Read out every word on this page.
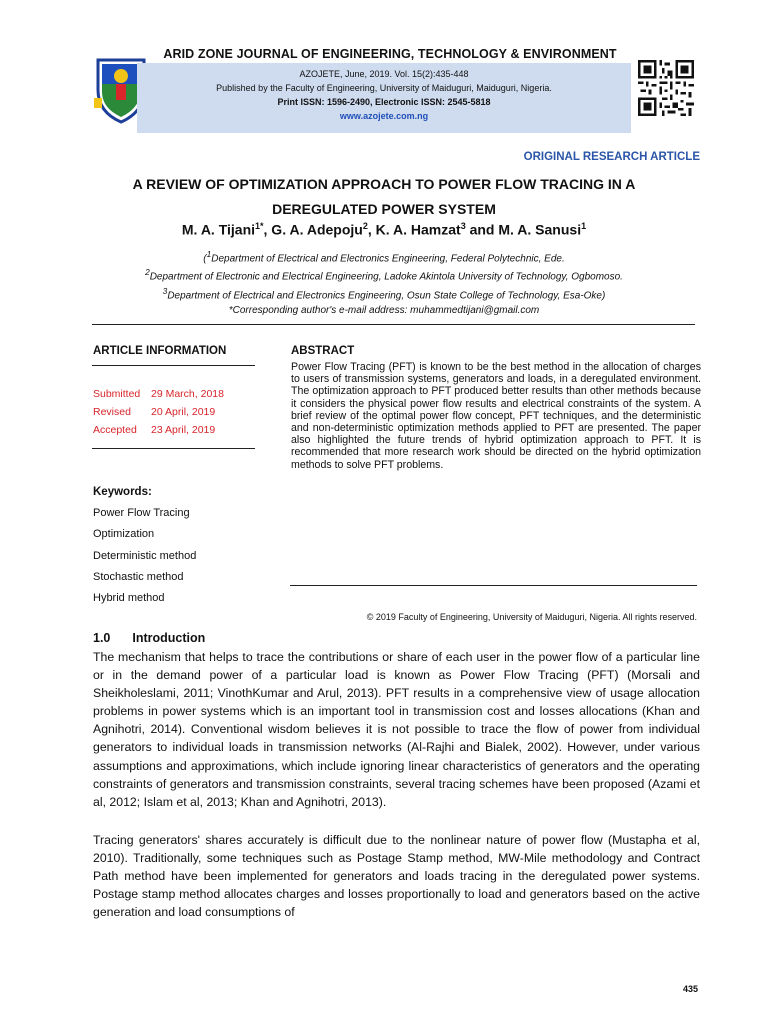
ARID ZONE JOURNAL OF ENGINEERING, TECHNOLOGY & ENVIRONMENT
AZOJETE, June, 2019. Vol. 15(2):435-448
Published by the Faculty of Engineering, University of Maiduguri, Maiduguri, Nigeria.
Print ISSN: 1596-2490, Electronic ISSN: 2545-5818
www.azojete.com.ng
ORIGINAL RESEARCH ARTICLE
A REVIEW OF OPTIMIZATION APPROACH TO POWER FLOW TRACING IN A
DEREGULATED POWER SYSTEM
M. A. Tijani$^{1*}$, G. A. Adepoju$^2$, K. A. Hamzat$^3$ and M. A. Sanusi$^1$
($^1$Department of Electrical and Electronics Engineering, Federal Polytechnic, Ede.
$^2$Department of Electronic and Electrical Engineering, Ladoke Akintola University of Technology, Ogbomoso.
$^3$Department of Electrical and Electronics Engineering, Osun State College of Technology, Esa-Oke)
*Corresponding author's e-mail address: muhammedtijani@gmail.com
ARTICLE INFORMATION
Submitted 29 March, 2018
Revised 20 April, 2019
Accepted 23 April, 2019
Keywords:
Power Flow Tracing
Optimization
Deterministic method
Stochastic method
Hybrid method
ABSTRACT
Power Flow Tracing (PFT) is known to be the best method in the allocation of charges to users of transmission systems, generators and loads, in a deregulated environment. The optimization approach to PFT produced better results than other methods because it considers the physical power flow results and electrical constraints of the system. A brief review of the optimal power flow concept, PFT techniques, and the deterministic and non-deterministic optimization methods applied to PFT are presented. The paper also highlighted the future trends of hybrid optimization approach to PFT. It is recommended that more research work should be directed on the hybrid optimization methods to solve PFT problems.
© 2019 Faculty of Engineering, University of Maiduguri, Nigeria. All rights reserved.
1.0 Introduction
The mechanism that helps to trace the contributions or share of each user in the power flow of a particular line or in the demand power of a particular load is known as Power Flow Tracing (PFT) (Morsali and Sheikholeslami, 2011; VinothKumar and Arul, 2013). PFT results in a comprehensive view of usage allocation problems in power systems which is an important tool in transmission cost and losses allocations (Khan and Agnihotri, 2014). Conventional wisdom believes it is not possible to trace the flow of power from individual generators to individual loads in transmission networks (Al-Rajhi and Bialek, 2002). However, under various assumptions and approximations, which include ignoring linear characteristics of generators and the operating constraints of generators and transmission constraints, several tracing schemes have been proposed (Azami et al, 2012; Islam et al, 2013; Khan and Agnihotri, 2013).
Tracing generators' shares accurately is difficult due to the nonlinear nature of power flow (Mustapha et al, 2010). Traditionally, some techniques such as Postage Stamp method, MW-Mile methodology and Contract Path method have been implemented for generators and loads tracing in the deregulated power systems. Postage stamp method allocates charges and losses proportionally to load and generators based on the active generation and load consumptions of
435
